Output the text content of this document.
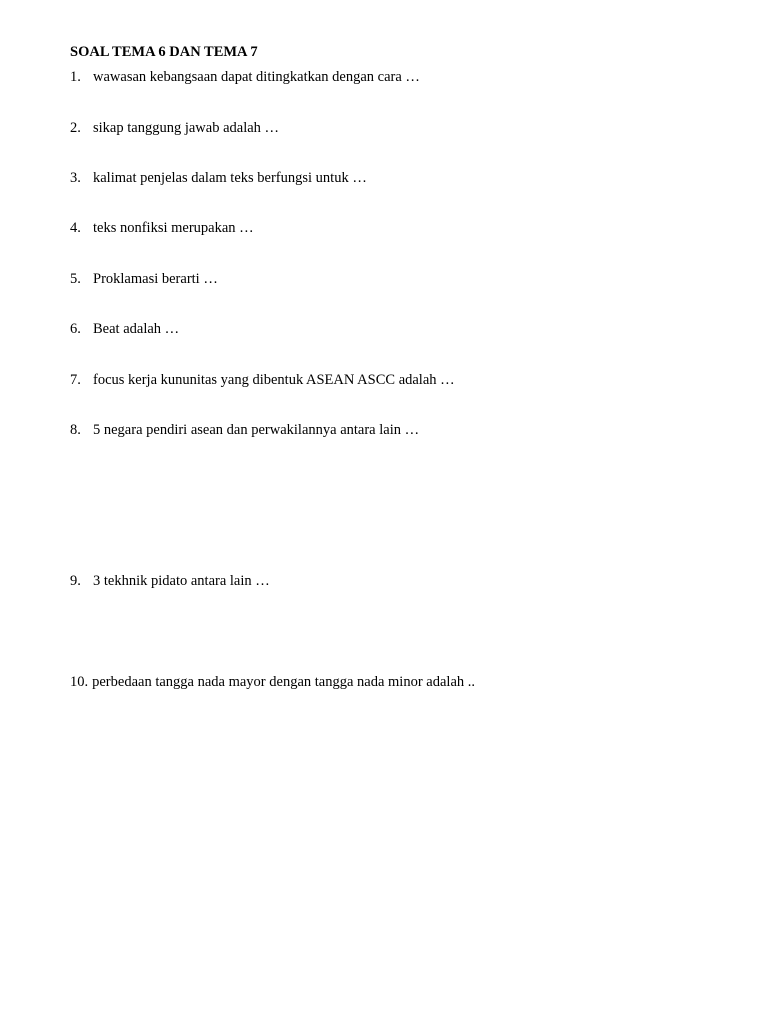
SOAL TEMA 6 DAN TEMA 7
1. wawasan kebangsaan dapat ditingkatkan dengan cara …
2. sikap tanggung jawab adalah …
3. kalimat penjelas dalam teks berfungsi untuk …
4. teks nonfiksi merupakan …
5. Proklamasi berarti …
6. Beat adalah …
7. focus kerja kununitas yang dibentuk ASEAN ASCC adalah …
8. 5 negara pendiri asean dan perwakilannya antara lain …
9. 3 tekhnik pidato antara lain …
10. perbedaan tangga nada mayor dengan tangga nada minor adalah ..
